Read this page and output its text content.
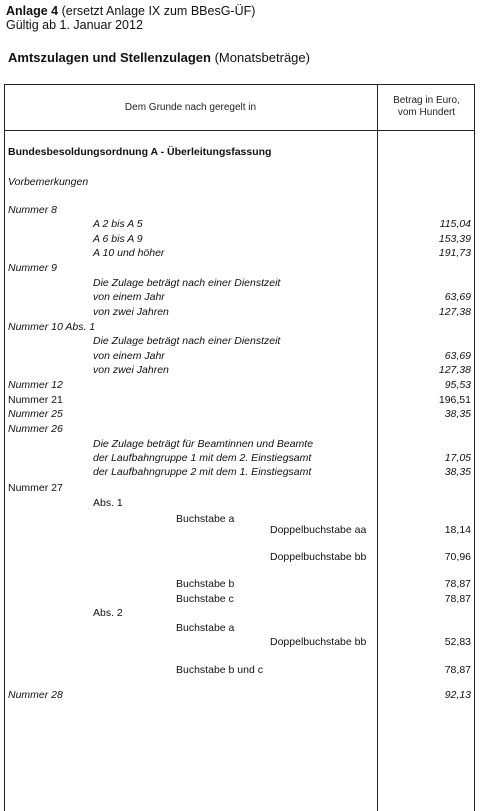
Anlage 4 (ersetzt Anlage IX zum BBesG-ÜF)
Gültig ab 1. Januar 2012
Amtszulagen und Stellenzulagen (Monatsbeträge)
Dem Grunde nach geregelt in
Betrag in Euro,
vom Hundert
Bundesbesoldungsordnung A - Überleitungsfassung
Vorbemerkungen
Nummer 8
A 2 bis A 5	115,04
A 6 bis A 9	153,39
A 10 und höher	191,73
Nummer 9
Die Zulage beträgt nach einer Dienstzeit
von einem Jahr	63,69
von zwei Jahren	127,38
Nummer 10 Abs. 1
Die Zulage beträgt nach einer Dienstzeit
von einem Jahr	63,69
von zwei Jahren	127,38
Nummer 12	95,53
Nummer 21	196,51
Nummer 25	38,35
Nummer 26
Die Zulage beträgt für Beamtinnen und Beamte
der Laufbahngruppe 1 mit dem 2. Einstiegsamt	17,05
der Laufbahngruppe 2 mit dem 1. Einstiegsamt	38,35
Nummer 27
Abs. 1
Buchstabe a
Doppelbuchstabe aa	18,14
Doppelbuchstabe bb	70,96
Buchstabe b	78,87
Buchstabe c	78,87
Abs. 2
Buchstabe a
Doppelbuchstabe bb	52,83
Buchstabe b und c	78,87
Nummer 28	92,13
